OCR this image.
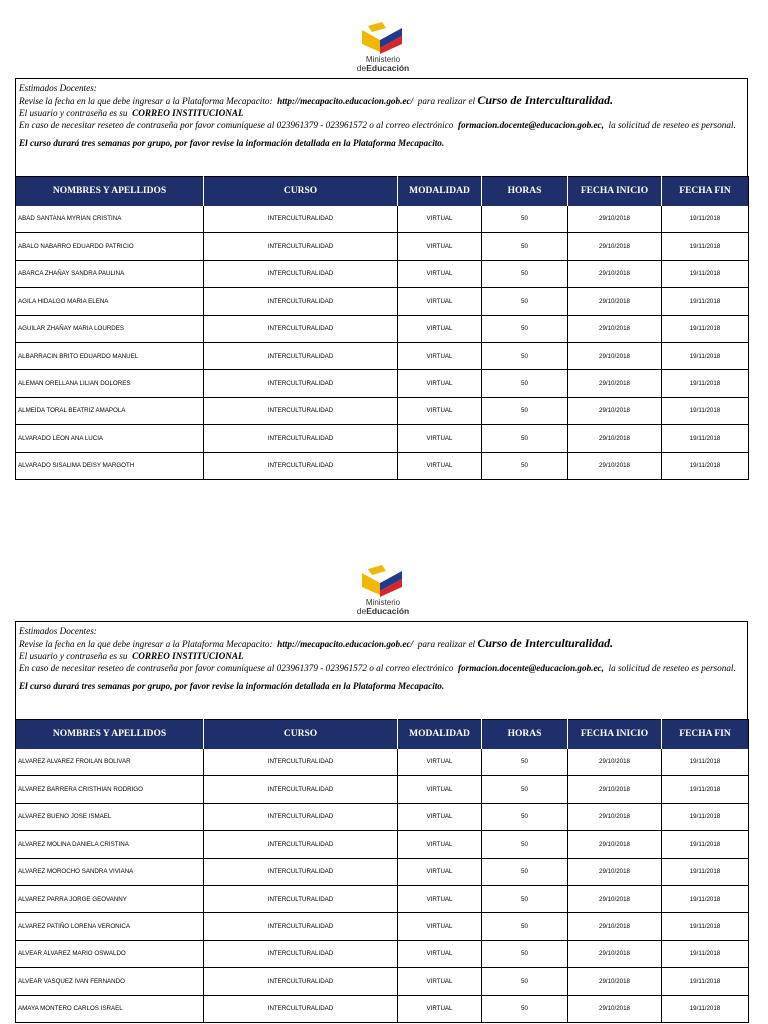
Ministerio
deEducación
Estimados Docentes:
Revise la fecha en la que debe ingresar a la Plataforma Mecapacito: http://mecapacito.educacion.gob.ec/ para realizar el Curso de Interculturalidad.
El usuario y contraseña es su CORREO INSTITUCIONAL
En caso de necesitar reseteo de contraseña por favor comuníquese al 023961379 - 023961572 o al correo electrónico formacion.docente@educacion.gob.ec, la solicitud de reseteo es personal.
El curso durará tres semanas por grupo, por favor revise la información detallada en la Plataforma Mecapacito.
NOMBRES Y APELLIDOS	CURSO	MODALIDAD	HORAS	FECHA INICIO	FECHA FIN
ABAD SANTANA MYRIAN CRISTINA	INTERCULTURALIDAD	VIRTUAL	50	29/10/2018	19/11/2018
ABALO NABARRO EDUARDO PATRICIO	INTERCULTURALIDAD	VIRTUAL	50	29/10/2018	19/11/2018
ABARCA ZHAÑAY SANDRA PAULINA	INTERCULTURALIDAD	VIRTUAL	50	29/10/2018	19/11/2018
AGILA HIDALGO MARIA ELENA	INTERCULTURALIDAD	VIRTUAL	50	29/10/2018	19/11/2018
AGUILAR ZHAÑAY MARIA LOURDES	INTERCULTURALIDAD	VIRTUAL	50	29/10/2018	19/11/2018
ALBARRACIN BRITO EDUARDO MANUEL	INTERCULTURALIDAD	VIRTUAL	50	29/10/2018	19/11/2018
ALEMAN ORELLANA LILIAN DOLORES	INTERCULTURALIDAD	VIRTUAL	50	29/10/2018	19/11/2018
ALMEIDA TORAL BEATRIZ AMAPOLA	INTERCULTURALIDAD	VIRTUAL	50	29/10/2018	19/11/2018
ALVARADO LEON ANA LUCIA	INTERCULTURALIDAD	VIRTUAL	50	29/10/2018	19/11/2018
ALVARADO SISALIMA DEISY MARGOTH	INTERCULTURALIDAD	VIRTUAL	50	29/10/2018	19/11/2018
Ministerio
deEducación
Estimados Docentes:
Revise la fecha en la que debe ingresar a la Plataforma Mecapacito: http://mecapacito.educacion.gob.ec/ para realizar el Curso de Interculturalidad.
El usuario y contraseña es su CORREO INSTITUCIONAL
En caso de necesitar reseteo de contraseña por favor comuníquese al 023961379 - 023961572 o al correo electrónico formacion.docente@educacion.gob.ec, la solicitud de reseteo es personal.
El curso durará tres semanas por grupo, por favor revise la información detallada en la Plataforma Mecapacito.
NOMBRES Y APELLIDOS	CURSO	MODALIDAD	HORAS	FECHA INICIO	FECHA FIN
ALVAREZ ALVAREZ FROILAN BOLIVAR	INTERCULTURALIDAD	VIRTUAL	50	29/10/2018	19/11/2018
ALVAREZ BARRERA CRISTHIAN RODRIGO	INTERCULTURALIDAD	VIRTUAL	50	29/10/2018	19/11/2018
ALVAREZ BUENO JOSE ISMAEL	INTERCULTURALIDAD	VIRTUAL	50	29/10/2018	19/11/2018
ALVAREZ MOLINA DANIELA CRISTINA	INTERCULTURALIDAD	VIRTUAL	50	29/10/2018	19/11/2018
ALVAREZ MOROCHO SANDRA VIVIANA	INTERCULTURALIDAD	VIRTUAL	50	29/10/2018	19/11/2018
ALVAREZ PARRA JORGE GEOVANNY	INTERCULTURALIDAD	VIRTUAL	50	29/10/2018	19/11/2018
ALVAREZ PATIÑO LORENA VERONICA	INTERCULTURALIDAD	VIRTUAL	50	29/10/2018	19/11/2018
ALVEAR ALVAREZ MARIO OSWALDO	INTERCULTURALIDAD	VIRTUAL	50	29/10/2018	19/11/2018
ALVEAR VASQUEZ IVAN FERNANDO	INTERCULTURALIDAD	VIRTUAL	50	29/10/2018	19/11/2018
AMAYA MONTERO CARLOS ISRAEL	INTERCULTURALIDAD	VIRTUAL	50	29/10/2018	19/11/2018
